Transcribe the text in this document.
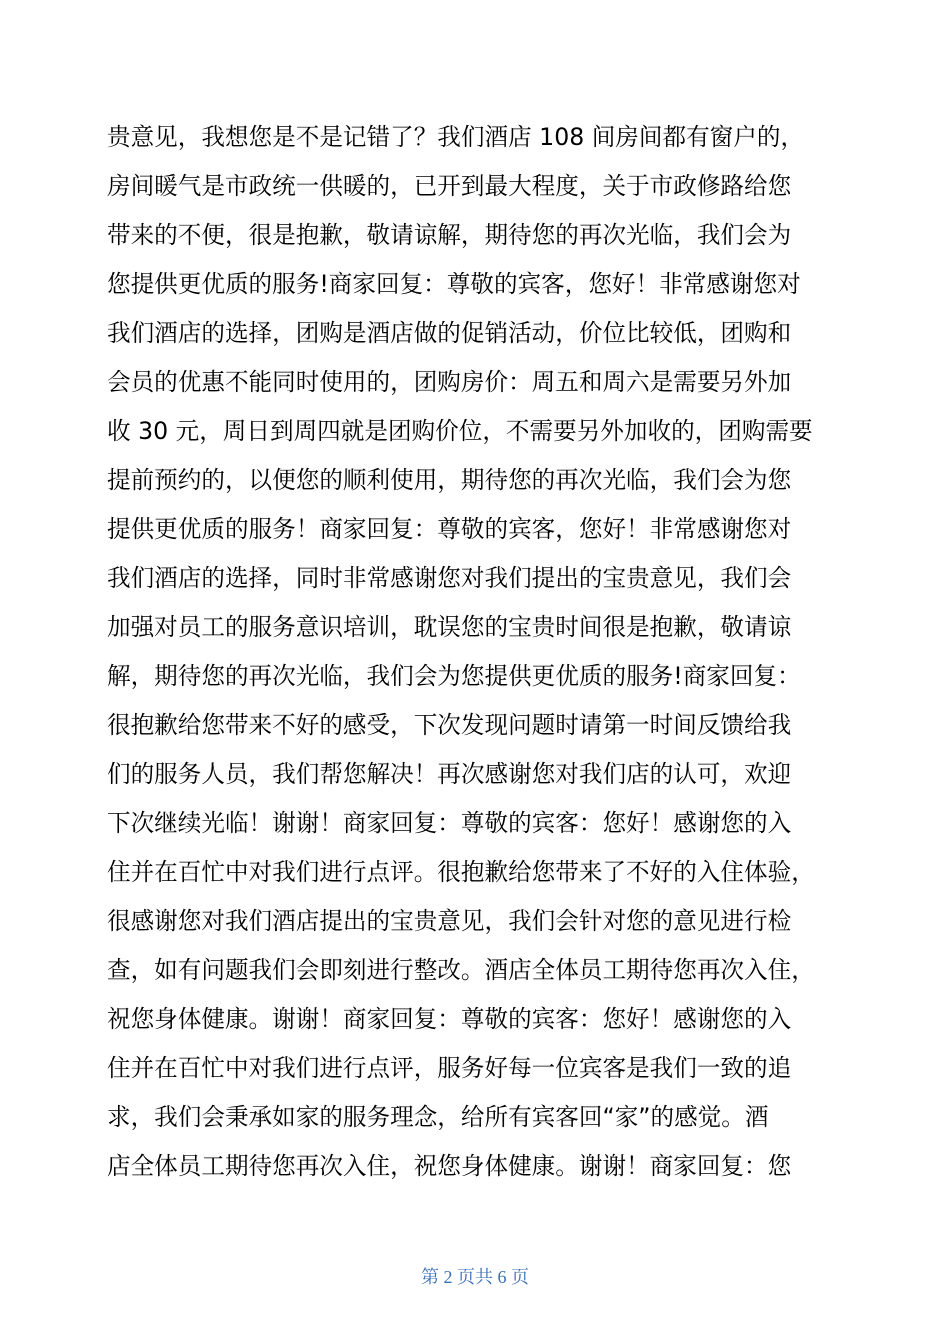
贵意见，我想您是不是记错了？我们酒店 108 间房间都有窗户的，
房间暖气是市政统一供暖的，已开到最大程度，关于市政修路给您
带来的不便，很是抱歉，敬请谅解，期待您的再次光临，我们会为
您提供更优质的服务!商家回复：尊敬的宾客，您好！非常感谢您对
我们酒店的选择，团购是酒店做的促销活动，价位比较低，团购和
会员的优惠不能同时使用的，团购房价：周五和周六是需要另外加
收 30 元，周日到周四就是团购价位，不需要另外加收的，团购需要
提前预约的，以便您的顺利使用，期待您的再次光临，我们会为您
提供更优质的服务！商家回复：尊敬的宾客，您好！非常感谢您对
我们酒店的选择，同时非常感谢您对我们提出的宝贵意见，我们会
加强对员工的服务意识培训，耽误您的宝贵时间很是抱歉，敬请谅
解，期待您的再次光临，我们会为您提供更优质的服务!商家回复：
很抱歉给您带来不好的感受，下次发现问题时请第一时间反馈给我
们的服务人员，我们帮您解决！再次感谢您对我们店的认可，欢迎
下次继续光临！谢谢！商家回复：尊敬的宾客：您好！感谢您的入
住并在百忙中对我们进行点评。很抱歉给您带来了不好的入住体验，
很感谢您对我们酒店提出的宝贵意见，我们会针对您的意见进行检
查，如有问题我们会即刻进行整改。酒店全体员工期待您再次入住，
祝您身体健康。谢谢！商家回复：尊敬的宾客：您好！感谢您的入
住并在百忙中对我们进行点评，服务好每一位宾客是我们一致的追
求，我们会秉承如家的服务理念，给所有宾客回“家”的感觉。酒
店全体员工期待您再次入住，祝您身体健康。谢谢！商家回复：您
第 2 页共 6 页
